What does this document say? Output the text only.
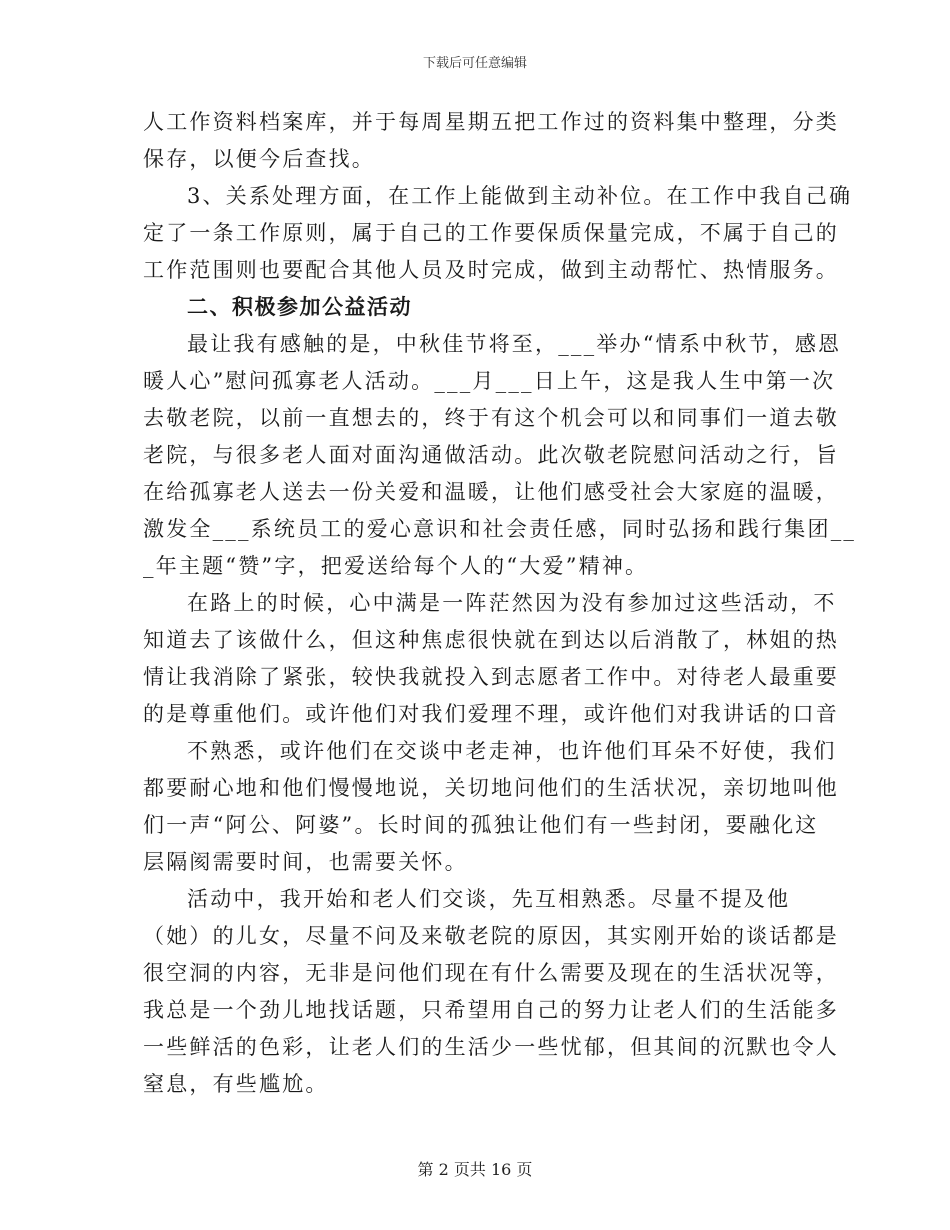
下载后可任意编辑
人工作资料档案库，并于每周星期五把工作过的资料集中整理，分类
保存，以便今后查找。
3、关系处理方面，在工作上能做到主动补位。在工作中我自己确
定了一条工作原则，属于自己的工作要保质保量完成，不属于自己的
工作范围则也要配合其他人员及时完成，做到主动帮忙、热情服务。
二、积极参加公益活动
最让我有感触的是，中秋佳节将至，___举办“情系中秋节，感恩
暖人心”慰问孤寡老人活动。___月___日上午，这是我人生中第一次
去敬老院，以前一直想去的，终于有这个机会可以和同事们一道去敬
老院，与很多老人面对面沟通做活动。此次敬老院慰问活动之行，旨
在给孤寡老人送去一份关爱和温暖，让他们感受社会大家庭的温暖，
激发全___系统员工的爱心意识和社会责任感，同时弘扬和践行集团__
_年主题“赞”字，把爱送给每个人的“大爱”精神。
在路上的时候，心中满是一阵茫然因为没有参加过这些活动，不
知道去了该做什么，但这种焦虑很快就在到达以后消散了，林姐的热
情让我消除了紧张，较快我就投入到志愿者工作中。对待老人最重要
的是尊重他们。或许他们对我们爱理不理，或许他们对我讲话的口音
不熟悉，或许他们在交谈中老走神，也许他们耳朵不好使，我们
都要耐心地和他们慢慢地说，关切地问他们的生活状况，亲切地叫他
们一声“阿公、阿婆”。长时间的孤独让他们有一些封闭，要融化这
层隔阂需要时间，也需要关怀。
活动中，我开始和老人们交谈，先互相熟悉。尽量不提及他
（她）的儿女，尽量不问及来敬老院的原因，其实刚开始的谈话都是
很空洞的内容，无非是问他们现在有什么需要及现在的生活状况等，
我总是一个劲儿地找话题，只希望用自己的努力让老人们的生活能多
一些鲜活的色彩，让老人们的生活少一些忧郁，但其间的沉默也令人
窒息，有些尴尬。
第 2 页共 16 页
